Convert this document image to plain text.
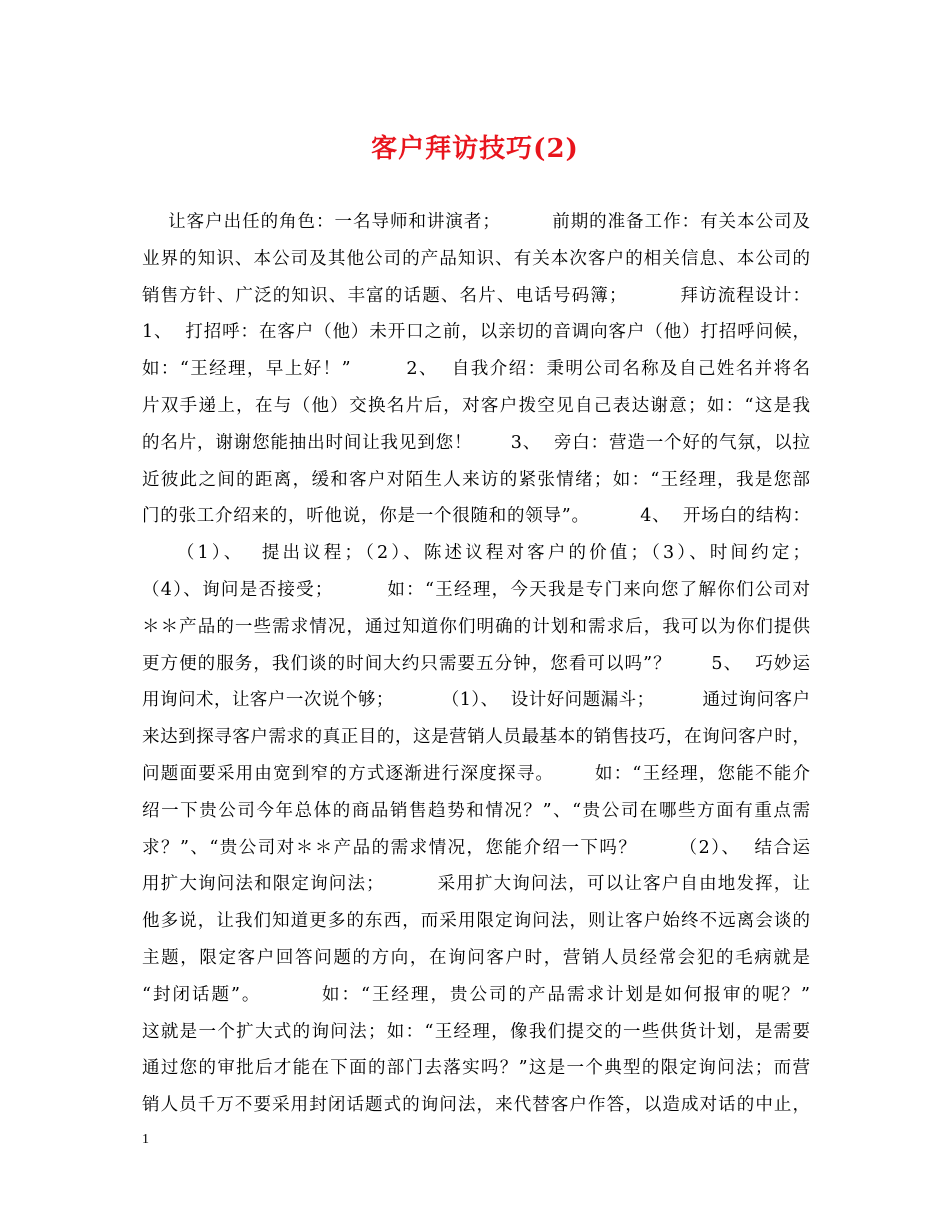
客户拜访技巧(2)
让客户出任的角色：一名导师和讲演者；        前期的准备工作：有关本公司及
业界的知识、本公司及其他公司的产品知识、有关本次客户的相关信息、本公司的
销售方针、广泛的知识、丰富的话题、名片、电话号码簿；        拜访流程设计：
1、  打招呼：在客户（他）未开口之前，以亲切的音调向客户（他）打招呼问候，
如：“王经理，早上好！”        2、  自我介绍：秉明公司名称及自己姓名并将名
片双手递上，在与（他）交换名片后，对客户拨空见自己表达谢意；如：“这是我
的名片，谢谢您能抽出时间让我见到您！      3、  旁白：营造一个好的气氛，以拉
近彼此之间的距离，缓和客户对陌生人来访的紧张情绪；如：“王经理，我是您部
门的张工介绍来的，听他说，你是一个很随和的领导”。        4、  开场白的结构：
（1）、  提出议程；（2）、陈述议程对客户的价值；（3）、时间约定；
（4）、询问是否接受；        如：“王经理，今天我是专门来向您了解你们公司对
＊＊产品的一些需求情况，通过知道你们明确的计划和需求后，我可以为你们提供
更方便的服务，我们谈的时间大约只需要五分钟，您看可以吗”？      5、  巧妙运
用询问术，让客户一次说个够；        （1）、  设计好问题漏斗；        通过询问客户
来达到探寻客户需求的真正目的，这是营销人员最基本的销售技巧，在询问客户时，
问题面要采用由宽到窄的方式逐渐进行深度探寻。      如：“王经理，您能不能介
绍一下贵公司今年总体的商品销售趋势和情况？”、“贵公司在哪些方面有重点需
求？”、“贵公司对＊＊产品的需求情况，您能介绍一下吗？      （2）、  结合运
用扩大询问法和限定询问法；        采用扩大询问法，可以让客户自由地发挥，让
他多说，让我们知道更多的东西，而采用限定询问法，则让客户始终不远离会谈的
主题，限定客户回答问题的方向，在询问客户时，营销人员经常会犯的毛病就是
“封闭话题”。        如：“王经理，贵公司的产品需求计划是如何报审的呢？”
这就是一个扩大式的询问法；如：“王经理，像我们提交的一些供货计划，是需要
通过您的审批后才能在下面的部门去落实吗？”这是一个典型的限定询问法；而营
销人员千万不要采用封闭话题式的询问法，来代替客户作答，以造成对话的中止，
1
